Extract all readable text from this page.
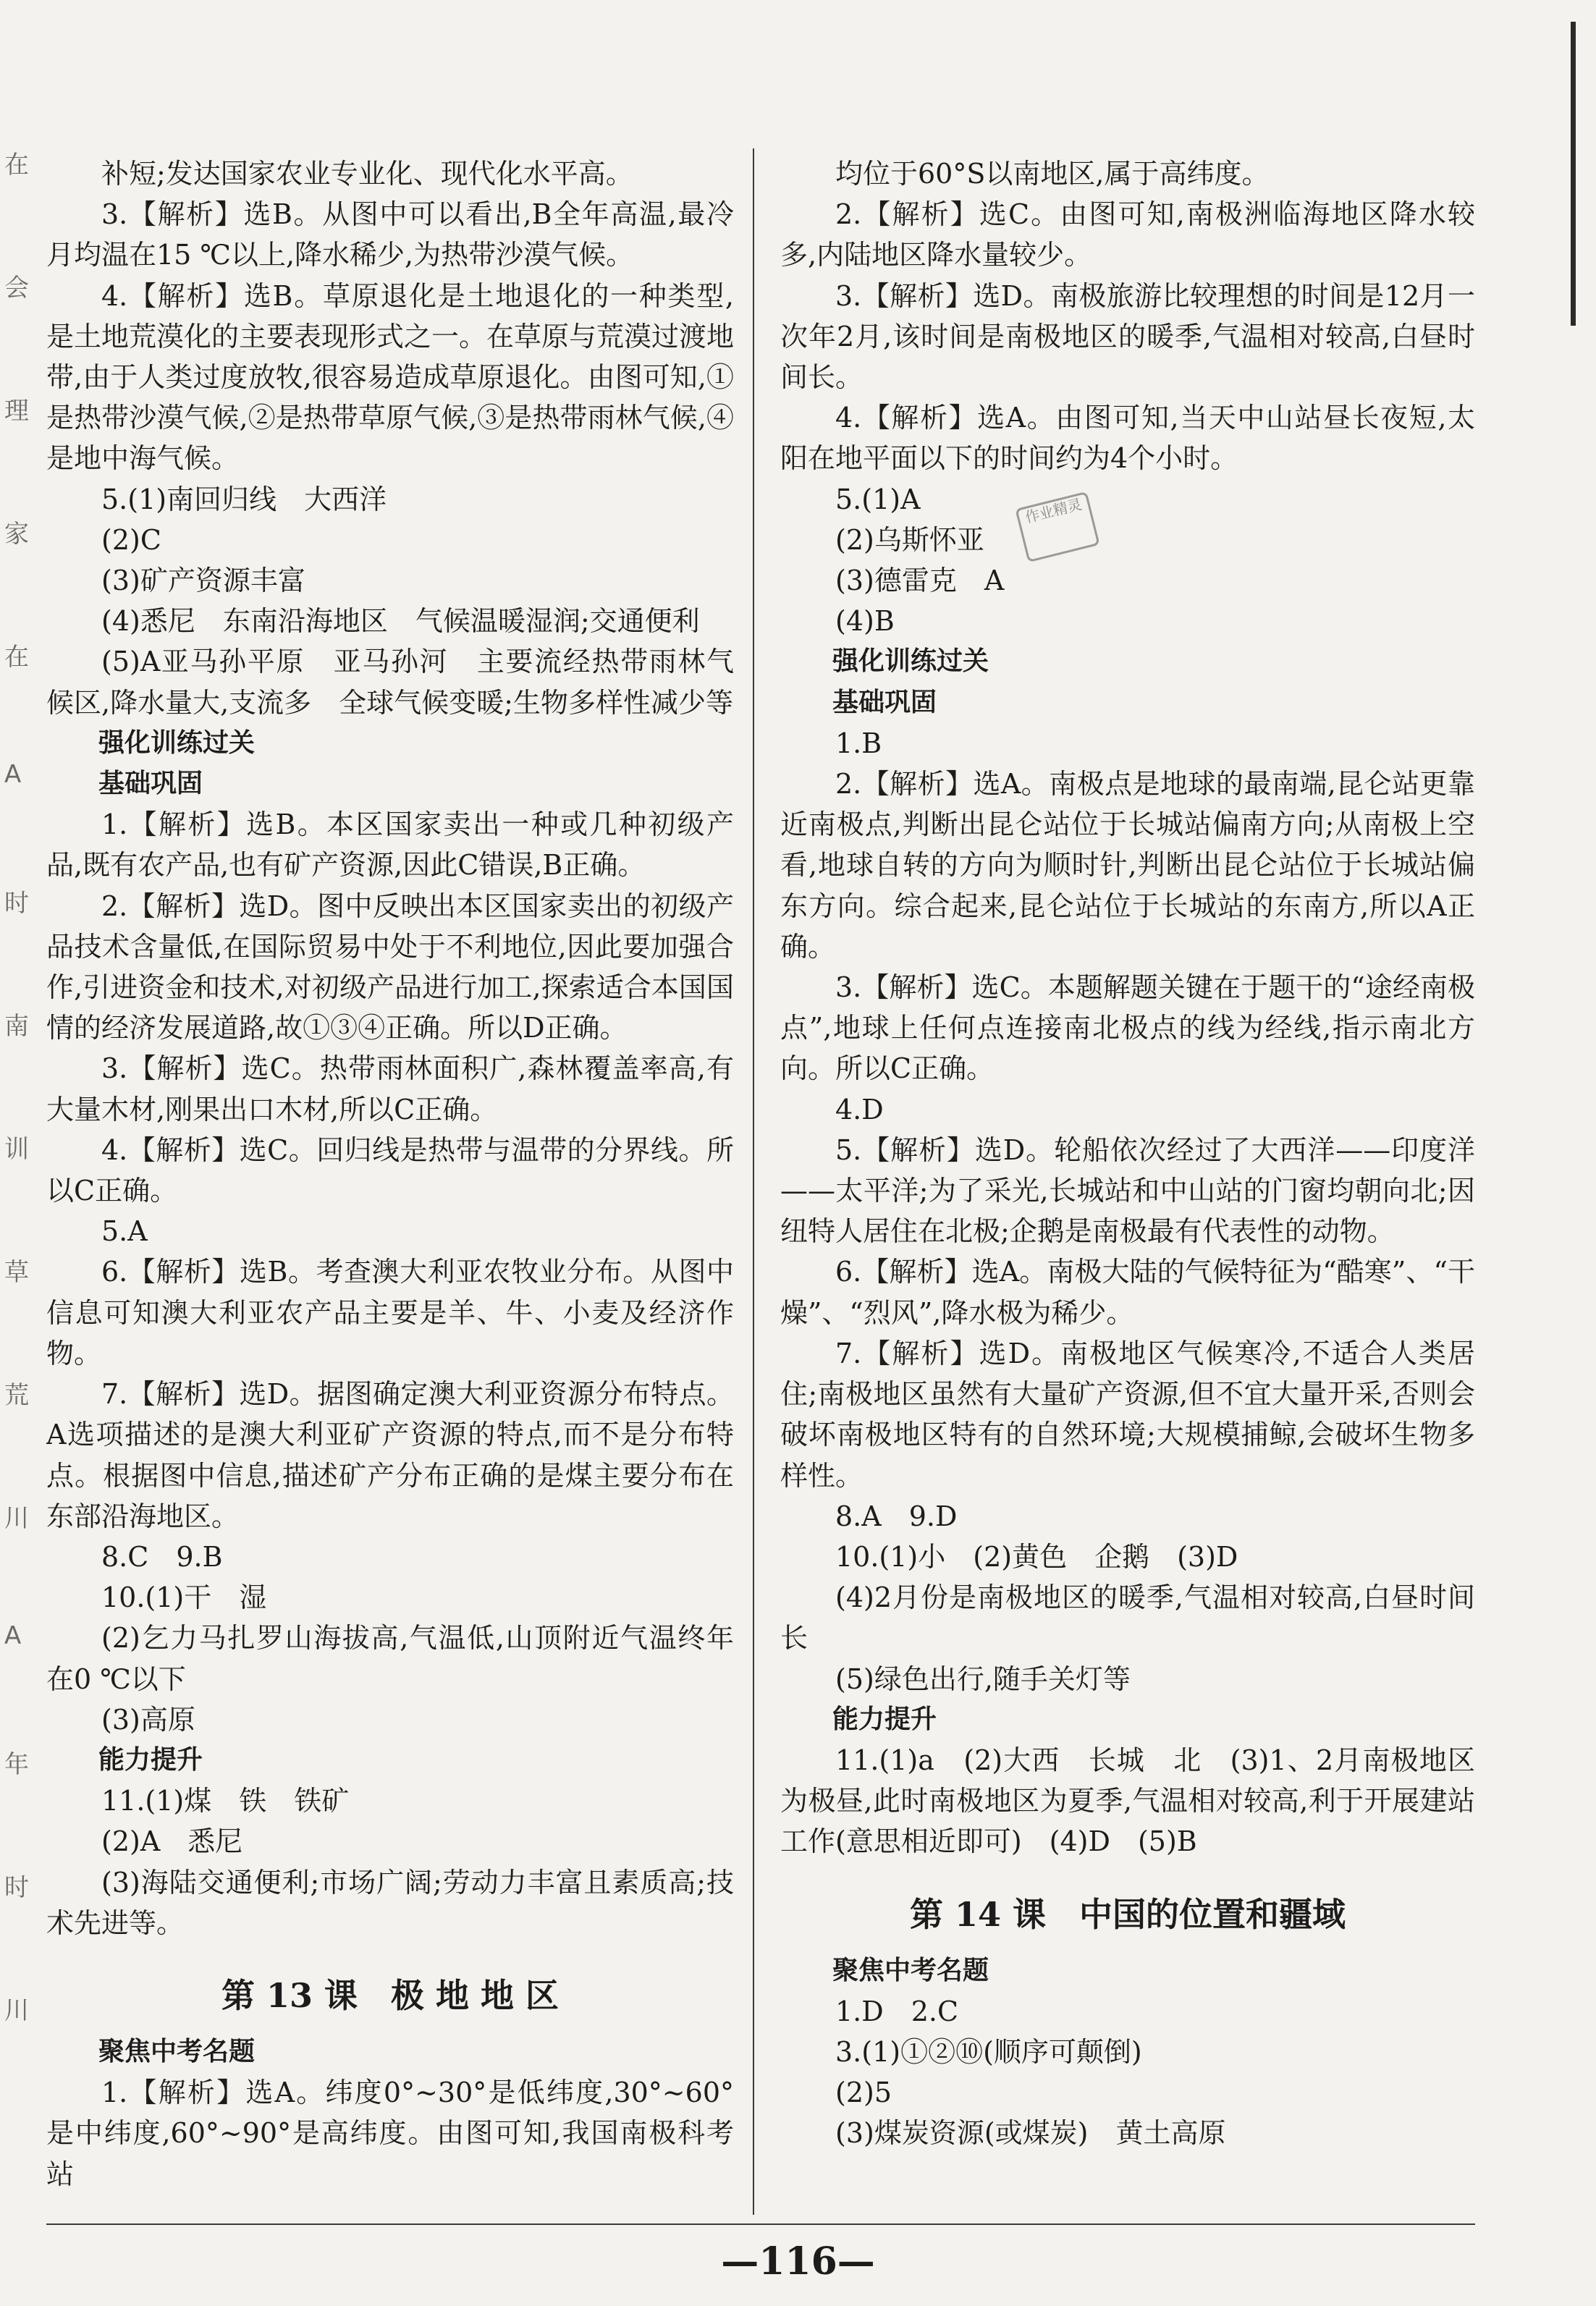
在
会
理
家
在
A
时
南
训
草
荒
川
A
年
时
川
补短;发达国家农业专业化、现代化水平高。
3.【解析】选B。从图中可以看出,B全年高温,最冷月均温在15 ℃以上,降水稀少,为热带沙漠气候。
4.【解析】选B。草原退化是土地退化的一种类型,是土地荒漠化的主要表现形式之一。在草原与荒漠过渡地带,由于人类过度放牧,很容易造成草原退化。由图可知,①是热带沙漠气候,②是热带草原气候,③是热带雨林气候,④是地中海气候。
5.(1)南回归线　大西洋
(2)C
(3)矿产资源丰富
(4)悉尼　东南沿海地区　气候温暖湿润;交通便利
(5)A亚马孙平原　亚马孙河　主要流经热带雨林气候区,降水量大,支流多　全球气候变暖;生物多样性减少等
强化训练过关
基础巩固
1.【解析】选B。本区国家卖出一种或几种初级产品,既有农产品,也有矿产资源,因此C错误,B正确。
2.【解析】选D。图中反映出本区国家卖出的初级产品技术含量低,在国际贸易中处于不利地位,因此要加强合作,引进资金和技术,对初级产品进行加工,探索适合本国国情的经济发展道路,故①③④正确。所以D正确。
3.【解析】选C。热带雨林面积广,森林覆盖率高,有大量木材,刚果出口木材,所以C正确。
4.【解析】选C。回归线是热带与温带的分界线。所以C正确。
5.A
6.【解析】选B。考查澳大利亚农牧业分布。从图中信息可知澳大利亚农产品主要是羊、牛、小麦及经济作物。
7.【解析】选D。据图确定澳大利亚资源分布特点。A选项描述的是澳大利亚矿产资源的特点,而不是分布特点。根据图中信息,描述矿产分布正确的是煤主要分布在东部沿海地区。
8.C　9.B
10.(1)干　湿
(2)乞力马扎罗山海拔高,气温低,山顶附近气温终年在0 ℃以下
(3)高原
能力提升
11.(1)煤　铁　铁矿
(2)A　悉尼
(3)海陆交通便利;市场广阔;劳动力丰富且素质高;技术先进等。
第 13 课　极 地 地 区
聚焦中考名题
1.【解析】选A。纬度0°~30°是低纬度,30°~60°是中纬度,60°~90°是高纬度。由图可知,我国南极科考站
均位于60°S以南地区,属于高纬度。
2.【解析】选C。由图可知,南极洲临海地区降水较多,内陆地区降水量较少。
3.【解析】选D。南极旅游比较理想的时间是12月一次年2月,该时间是南极地区的暖季,气温相对较高,白昼时间长。
4.【解析】选A。由图可知,当天中山站昼长夜短,太阳在地平面以下的时间约为4个小时。
5.(1)A
(2)乌斯怀亚
(3)德雷克　A
(4)B
强化训练过关
基础巩固
1.B
2.【解析】选A。南极点是地球的最南端,昆仑站更靠近南极点,判断出昆仑站位于长城站偏南方向;从南极上空看,地球自转的方向为顺时针,判断出昆仑站位于长城站偏东方向。综合起来,昆仑站位于长城站的东南方,所以A正确。
3.【解析】选C。本题解题关键在于题干的“途经南极点”,地球上任何点连接南北极点的线为经线,指示南北方向。所以C正确。
4.D
5.【解析】选D。轮船依次经过了大西洋——印度洋——太平洋;为了采光,长城站和中山站的门窗均朝向北;因纽特人居住在北极;企鹅是南极最有代表性的动物。
6.【解析】选A。南极大陆的气候特征为“酷寒”、“干燥”、“烈风”,降水极为稀少。
7.【解析】选D。南极地区气候寒冷,不适合人类居住;南极地区虽然有大量矿产资源,但不宜大量开采,否则会破坏南极地区特有的自然环境;大规模捕鲸,会破坏生物多样性。
8.A　9.D
10.(1)小　(2)黄色　企鹅　(3)D
(4)2月份是南极地区的暖季,气温相对较高,白昼时间长
(5)绿色出行,随手关灯等
能力提升
11.(1)a　(2)大西　长城　北　(3)1、2月南极地区为极昼,此时南极地区为夏季,气温相对较高,利于开展建站工作(意思相近即可)　(4)D　(5)B
第 14 课　中国的位置和疆域
聚焦中考名题
1.D　2.C
3.(1)①②⑩(顺序可颠倒)
(2)5
(3)煤炭资源(或煤炭)　黄土高原
作业精灵
—116—
